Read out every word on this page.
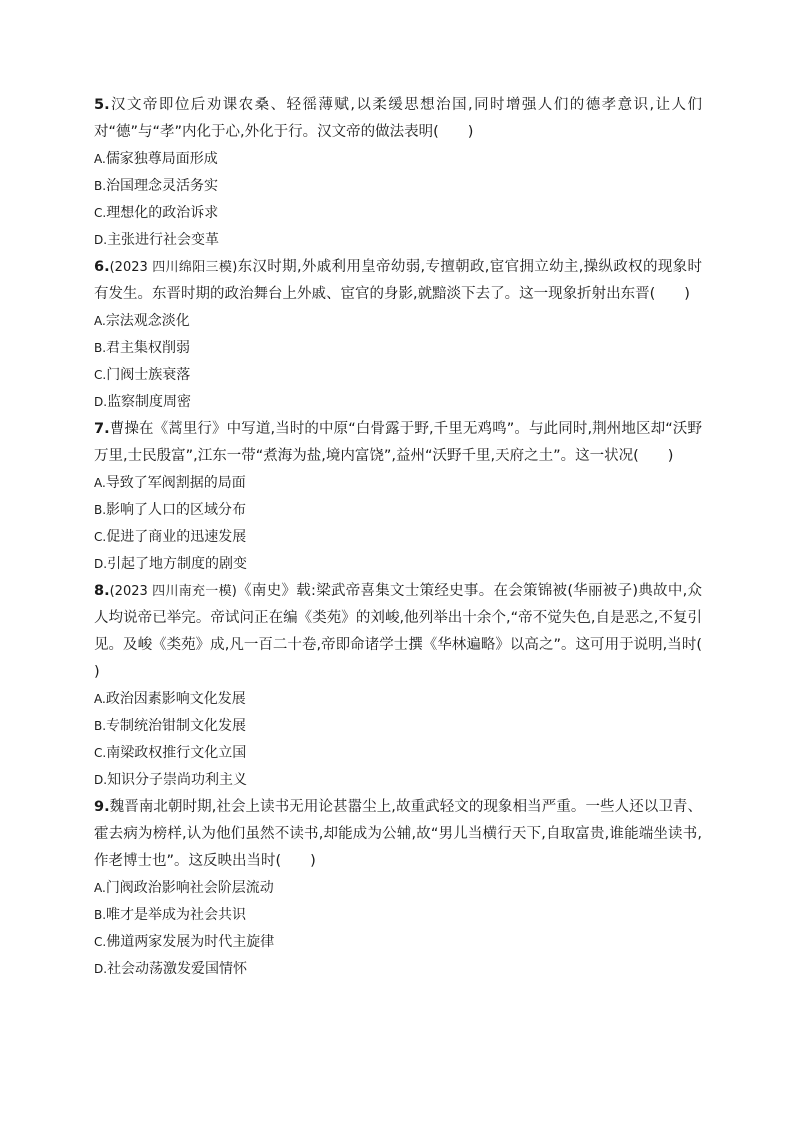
5.汉文帝即位后劝课农桑、轻徭薄赋,以柔缓思想治国,同时增强人们的德孝意识,让人们对“德”与“孝”内化于心,外化于行。汉文帝的做法表明(　　)

A.儒家独尊局面形成
B.治国理念灵活务实
C.理想化的政治诉求
D.主张进行社会变革

6.(2023 四川绵阳三模)东汉时期,外戚利用皇帝幼弱,专擅朝政,宦官拥立幼主,操纵政权的现象时有发生。东晋时期的政治舞台上外戚、宦官的身影,就黯淡下去了。这一现象折射出东晋(　　)

A.宗法观念淡化
B.君主集权削弱
C.门阀士族衰落
D.监察制度周密

7.曹操在《蒿里行》中写道,当时的中原“白骨露于野,千里无鸡鸣”。与此同时,荆州地区却“沃野万里,士民殷富”,江东一带“煮海为盐,境内富饶”,益州“沃野千里,天府之土”。这一状况(　　)

A.导致了军阀割据的局面
B.影响了人口的区域分布
C.促进了商业的迅速发展
D.引起了地方制度的剧变

8.(2023 四川南充一模)《南史》载:梁武帝喜集文士策经史事。在会策锦被(华丽被子)典故中,众人均说帝已举完。帝试问正在编《类苑》的刘峻,他列举出十余个,“帝不觉失色,自是恶之,不复引见。及峻《类苑》成,凡一百二十卷,帝即命诸学士撰《华林遍略》以高之”。这可用于说明,当时(　　)

A.政治因素影响文化发展
B.专制统治钳制文化发展
C.南梁政权推行文化立国
D.知识分子崇尚功利主义

9.魏晋南北朝时期,社会上读书无用论甚嚣尘上,故重武轻文的现象相当严重。一些人还以卫青、霍去病为榜样,认为他们虽然不读书,却能成为公辅,故“男儿当横行天下,自取富贵,谁能端坐读书,作老博士也”。这反映出当时(　　)

A.门阀政治影响社会阶层流动
B.唯才是举成为社会共识
C.佛道两家发展为时代主旋律
D.社会动荡激发爱国情怀
